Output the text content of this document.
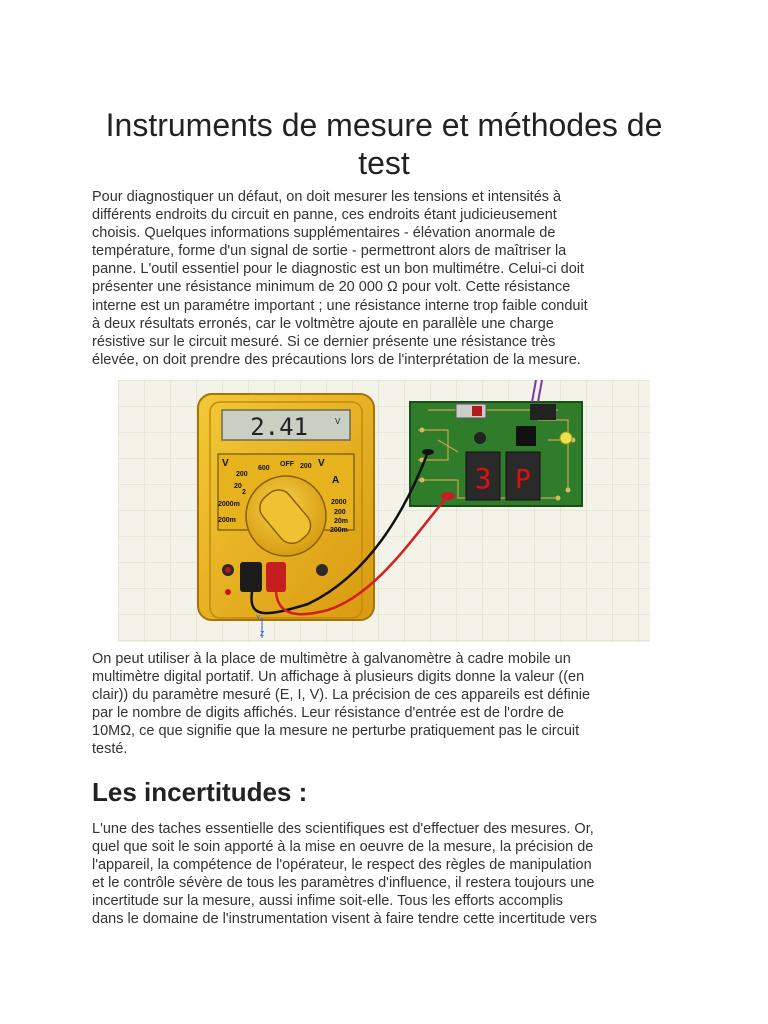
Instruments de mesure et méthodes de test

Pour diagnostiquer un défaut, on doit mesurer les tensions et intensités à
différents endroits du circuit en panne, ces endroits étant judicieusement
choisis. Quelques informations supplémentaires - élévation anormale de
température, forme d'un signal de sortie - permettront alors de maîtriser la
panne. L'outil essentiel pour le diagnostic est un bon multimétre. Celui-ci doit
présenter une résistance minimum de 20 000 Ω pour volt. Cette résistance
interne est un paramétre important ; une résistance interne trop faible conduit
à deux résultats erronés, car le voltmètre ajoute en parallèle une charge
résistive sur le circuit mesuré. Si ce dernier présente une résistance très
élevée, on doit prendre des précautions lors de l'interprétation de la mesure.

2.41	V
V	OFF V
A
200
2000m
200m
2000
200
20m
200m
20
2
200
600	3 P
Y
Z

On peut utiliser à la place de multimètre à galvanomètre à cadre mobile un
multimètre digital portatif. Un affichage à plusieurs digits donne la valeur ((en
clair)) du paramètre mesuré (E, I, V). La précision de ces appareils est définie
par le nombre de digits affichés. Leur résistance d'entrée est de l'ordre de
10MΩ, ce que signifie que la mesure ne perturbe pratiquement pas le circuit
testé.

Les incertitudes :

L'une des taches essentielle des scientifiques est d'effectuer des mesures. Or,
quel que soit le soin apporté à la mise en oeuvre de la mesure, la précision de
l'appareil, la compétence de l'opérateur, le respect des règles de manipulation
et le contrôle sévère de tous les paramètres d'influence, il restera toujours une
incertitude sur la mesure, aussi infime soit-elle. Tous les efforts accomplis
dans le domaine de l'instrumentation visent à faire tendre cette incertitude vers
